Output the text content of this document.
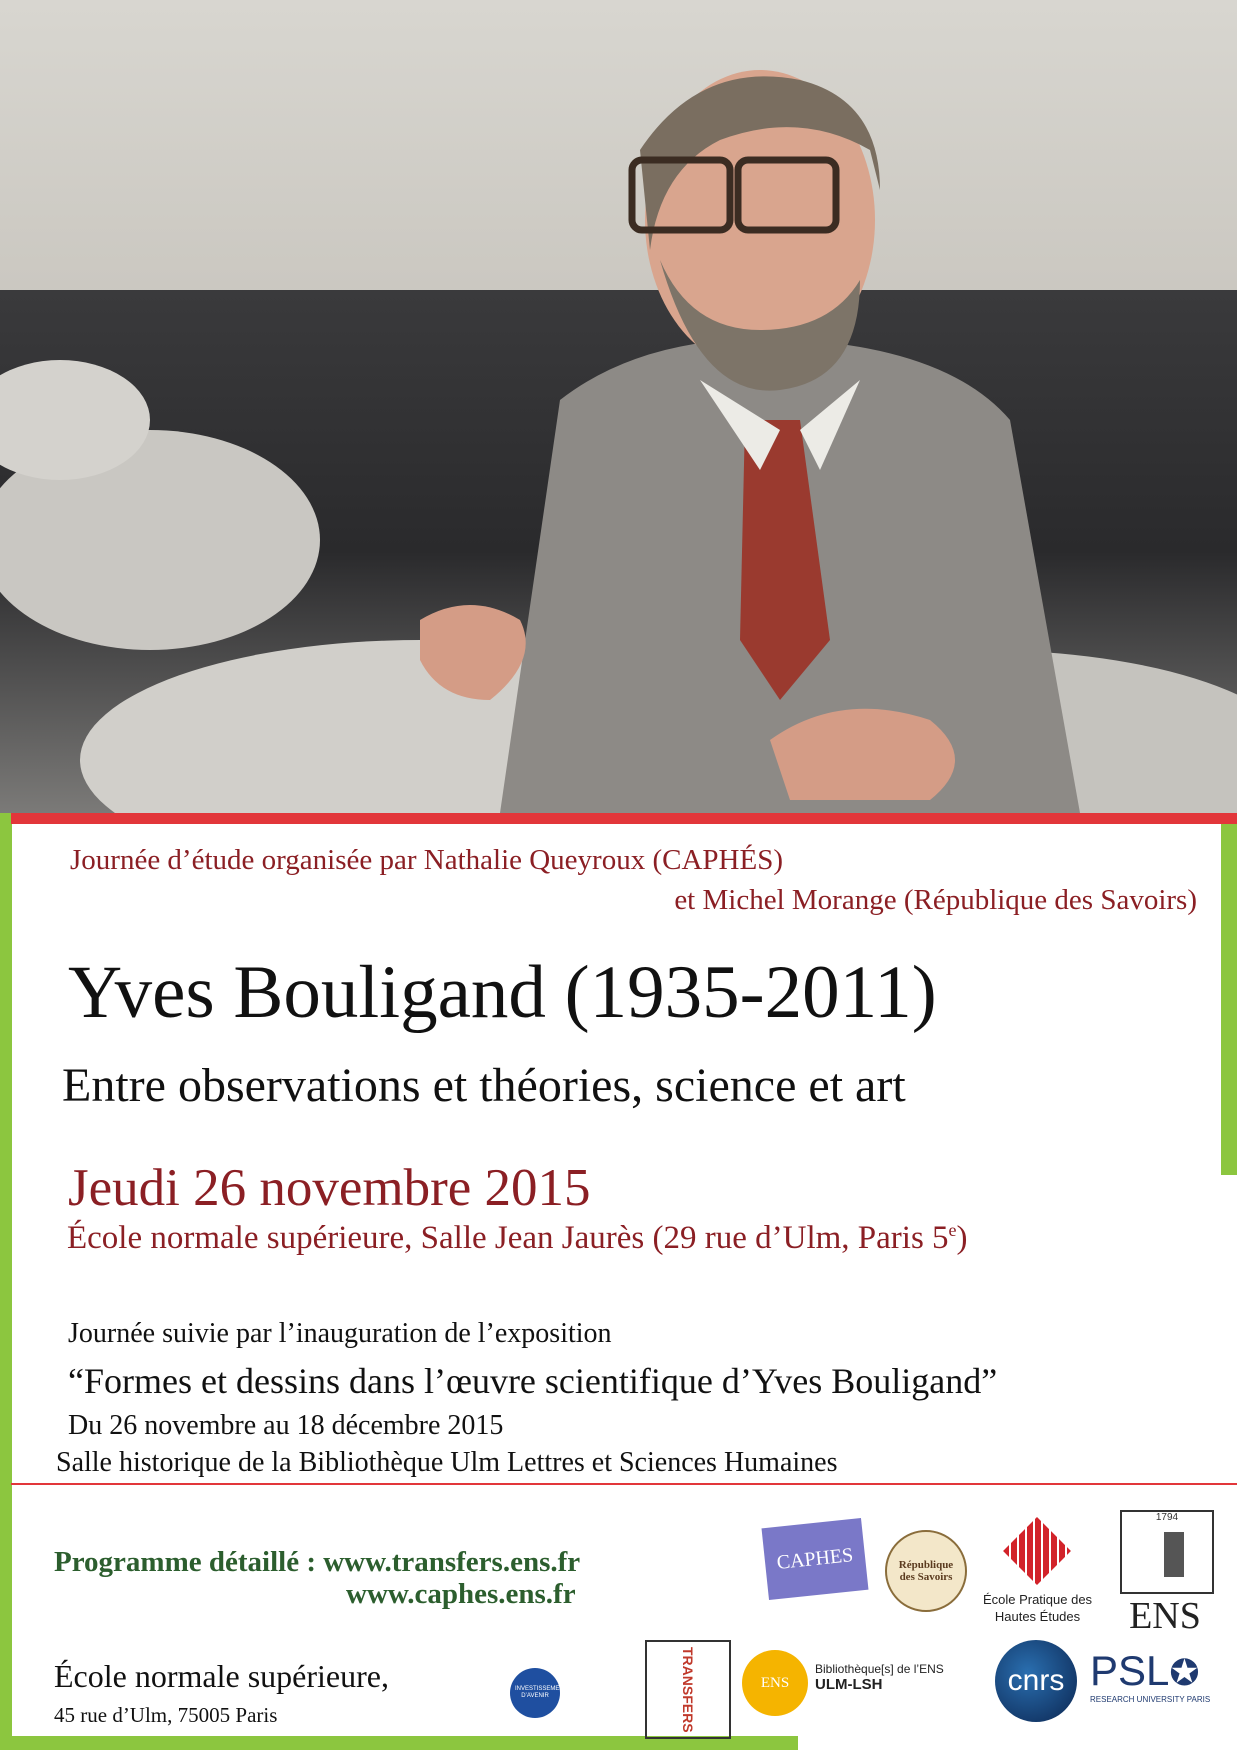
Journée d’étude organisée par Nathalie Queyroux (CAPHÉS)
et Michel Morange (République des Savoirs)
Yves Bouligand (1935-2011)
Entre observations et théories, science et art
Jeudi 26 novembre 2015
École normale supérieure, Salle Jean Jaurès (29 rue d’Ulm, Paris 5e)
Journée suivie par l’inauguration de l’exposition
“Formes et dessins dans l’œuvre scientifique d’Yves Bouligand”
Du 26 novembre au 18 décembre 2015
Salle historique de la Bibliothèque Ulm Lettres et Sciences Humaines
Programme détaillé : www.transfers.ens.fr
www.caphes.ens.fr
École normale supérieure,
45 rue d’Ulm, 75005 Paris
CAPHES	République des Savoirs
École Pratique des Hautes Études
1794
ENS
INVESTISSEMENTS D’AVENIR	TRANSFERS	ENS
Bibliothèque[s] de l’ENS
ULM-LSH	cnrs PSL✪
RESEARCH UNIVERSITY PARIS
